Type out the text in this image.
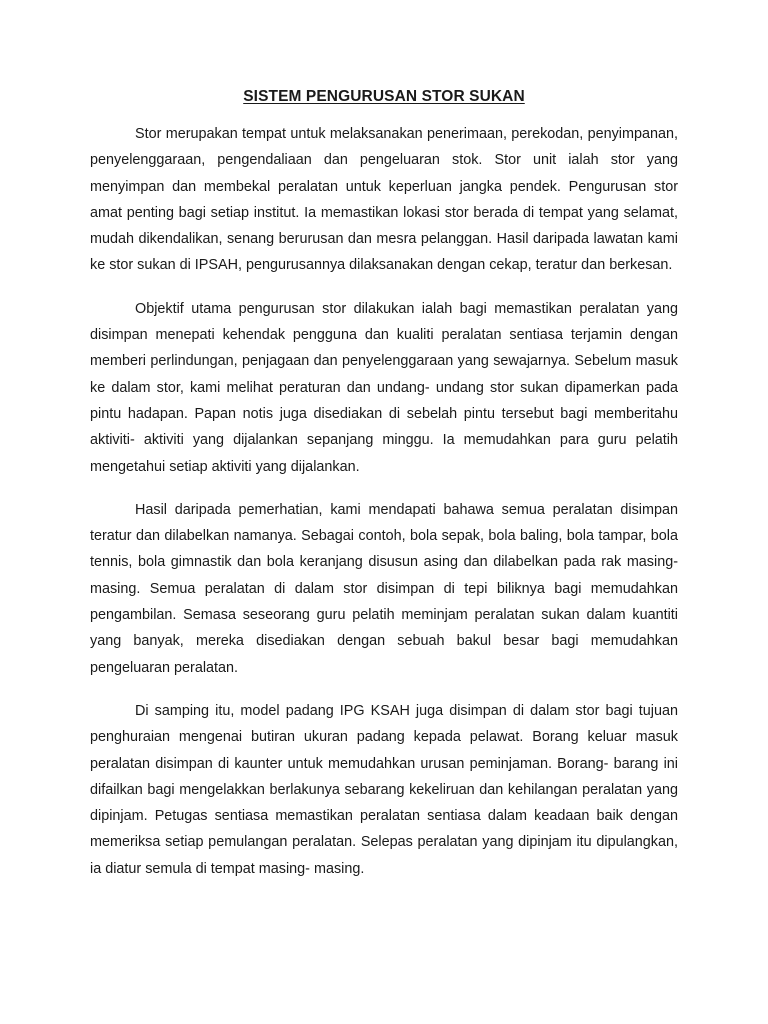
SISTEM PENGURUSAN STOR SUKAN

Stor merupakan tempat untuk melaksanakan penerimaan, perekodan, penyimpanan, penyelenggaraan, pengendaliaan dan pengeluaran stok. Stor unit ialah stor yang menyimpan dan membekal peralatan untuk keperluan jangka pendek. Pengurusan stor amat penting bagi setiap institut. Ia memastikan lokasi stor berada di tempat yang selamat, mudah dikendalikan, senang berurusan dan mesra pelanggan. Hasil daripada lawatan kami ke stor sukan di IPSAH, pengurusannya dilaksanakan dengan cekap, teratur dan berkesan.

Objektif utama pengurusan stor dilakukan ialah bagi memastikan peralatan yang disimpan menepati kehendak pengguna dan kualiti peralatan sentiasa terjamin dengan memberi perlindungan, penjagaan dan penyelenggaraan yang sewajarnya. Sebelum masuk ke dalam stor, kami melihat peraturan dan undang- undang stor sukan dipamerkan pada pintu hadapan. Papan notis juga disediakan di sebelah pintu tersebut bagi memberitahu aktiviti- aktiviti yang dijalankan sepanjang minggu. Ia memudahkan para guru pelatih mengetahui setiap aktiviti yang dijalankan.

Hasil daripada pemerhatian, kami mendapati bahawa semua peralatan disimpan teratur dan dilabelkan namanya. Sebagai contoh, bola sepak, bola baling, bola tampar, bola tennis, bola gimnastik dan bola keranjang disusun asing dan dilabelkan pada rak masing- masing. Semua peralatan di dalam stor disimpan di tepi biliknya bagi memudahkan pengambilan. Semasa seseorang guru pelatih meminjam peralatan sukan dalam kuantiti yang banyak, mereka disediakan dengan sebuah bakul besar bagi memudahkan pengeluaran peralatan.

Di samping itu, model padang IPG KSAH juga disimpan di dalam stor bagi tujuan penghuraian mengenai butiran ukuran padang kepada pelawat. Borang keluar masuk peralatan disimpan di kaunter untuk memudahkan urusan peminjaman. Borang- barang ini difailkan bagi mengelakkan berlakunya sebarang kekeliruan dan kehilangan peralatan yang dipinjam. Petugas sentiasa memastikan peralatan sentiasa dalam keadaan baik dengan memeriksa setiap pemulangan peralatan. Selepas peralatan yang dipinjam itu dipulangkan, ia diatur semula di tempat masing- masing.
